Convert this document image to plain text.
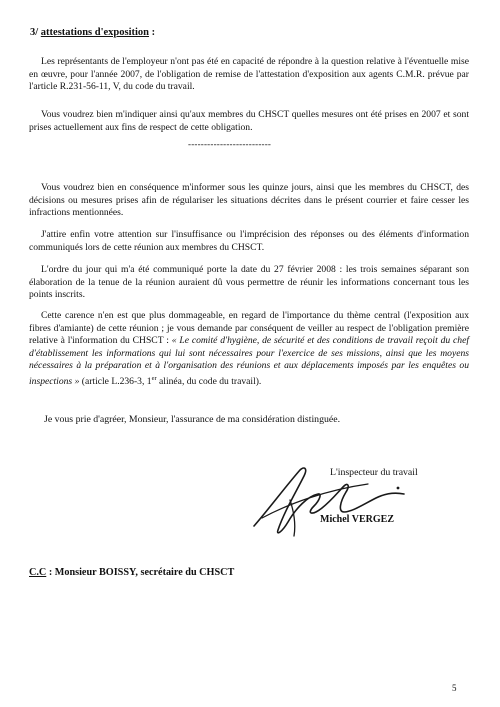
3/ attestations d'exposition :
Les représentants de l'employeur n'ont pas été en capacité de répondre à la question relative à l'éventuelle mise en œuvre, pour l'année 2007, de l'obligation de remise de l'attestation d'exposition aux agents C.M.R. prévue par l'article R.231-56-11, V, du code du travail.
Vous voudrez bien m'indiquer ainsi qu'aux membres du CHSCT quelles mesures ont été prises en 2007 et sont prises actuellement aux fins de respect de cette obligation.
--------------------------
Vous voudrez bien en conséquence m'informer sous les quinze jours, ainsi que les membres du CHSCT, des décisions ou mesures prises afin de régulariser les situations décrites dans le présent courrier et faire cesser les infractions mentionnées.
J'attire enfin votre attention sur l'insuffisance ou l'imprécision des réponses ou des éléments d'information communiqués lors de cette réunion aux membres du CHSCT.
L'ordre du jour qui m'a été communiqué porte la date du 27 février 2008 : les trois semaines séparant son élaboration de la tenue de la réunion auraient dû vous permettre de réunir les informations concernant tous les points inscrits.
Cette carence n'en est que plus dommageable, en regard de l'importance du thème central (l'exposition aux fibres d'amiante) de cette réunion ; je vous demande par conséquent de veiller au respect de l'obligation première relative à l'information du CHSCT : « Le comité d'hygiène, de sécurité et des conditions de travail reçoit du chef d'établissement les informations qui lui sont nécessaires pour l'exercice de ses missions, ainsi que les moyens nécessaires à la préparation et à l'organisation des réunions et aux déplacements imposés par les enquêtes ou inspections » (article L.236-3, 1er alinéa, du code du travail).
Je vous prie d'agréer, Monsieur, l'assurance de ma considération distinguée.
L'inspecteur du travail
Michel VERGEZ
C.C : Monsieur BOISSY, secrétaire du CHSCT
5
